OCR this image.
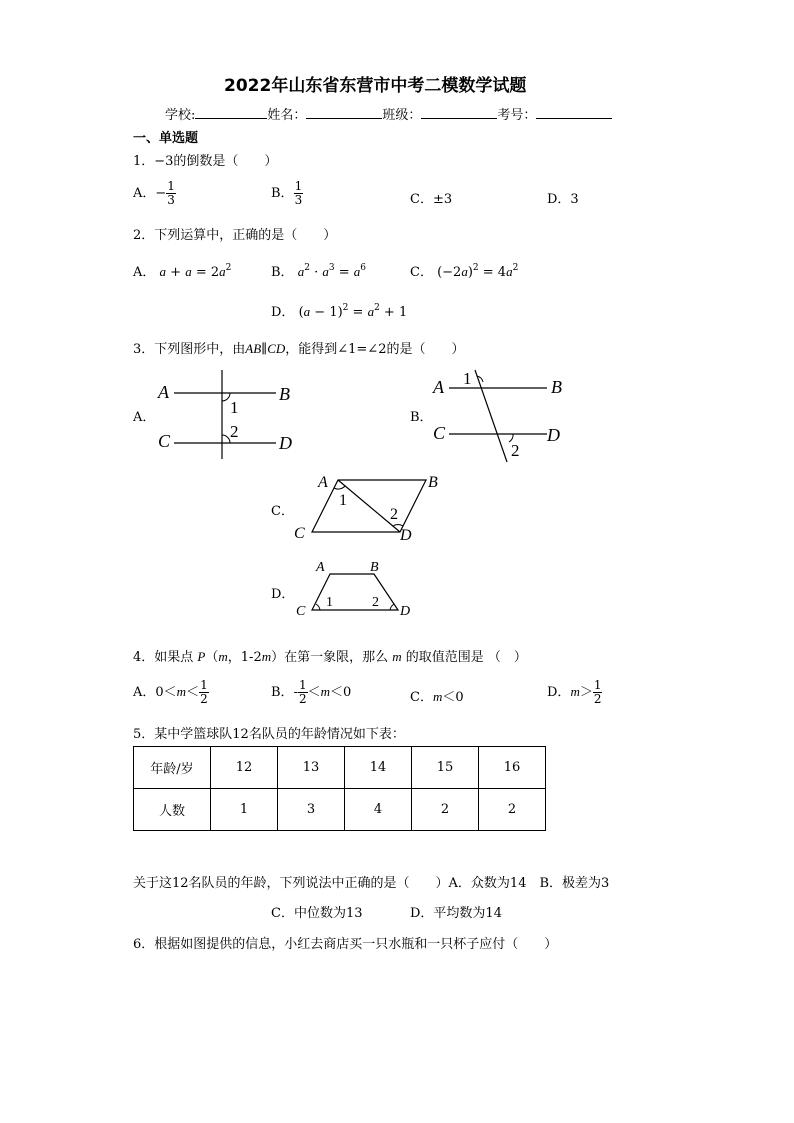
2022年山东省东营市中考二模数学试题
学校:	姓名：	班级：	考号：
一、单选题
1．−3的倒数是（　　）
A．− $\frac{1}{3}$	B． $\frac{1}{3}$	C．±3	D．3
2．下列运算中，正确的是（　　）
A． $a + a = 2a^2$	B． $a^2 \cdot a^3 = a^6$	C． $(-2a)^2 = 4a^2$
D． $(a - 1)^2 = a^2 + 1$
3．下列图形中，由AB∥CD，能得到∠1=∠2的是（　　）
A．
A	B
C	D
1
2
B．
A	B
C	D
1
2
C．
A	B
C	D
1
2
D．
A	B
C	D
1	2
4．如果点 P（m，1-2m）在第一象限，那么 m 的取值范围是 （　）
A．$0<m< \frac{1}{2}$	B．- $\frac{1}{2} <m<0$	C．m＜0	D．$m> \frac{1}{2}$
5．某中学篮球队12名队员的年龄情况如下表：
年龄/岁	12	13	14	15	16
人数	1	3	4	2	2
关于这12名队员的年龄，下列说法中正确的是（　　）A．众数为14　B．极差为3
C．中位数为13	D．平均数为14
6．根据如图提供的信息，小红去商店买一只水瓶和一只杯子应付（　　）
